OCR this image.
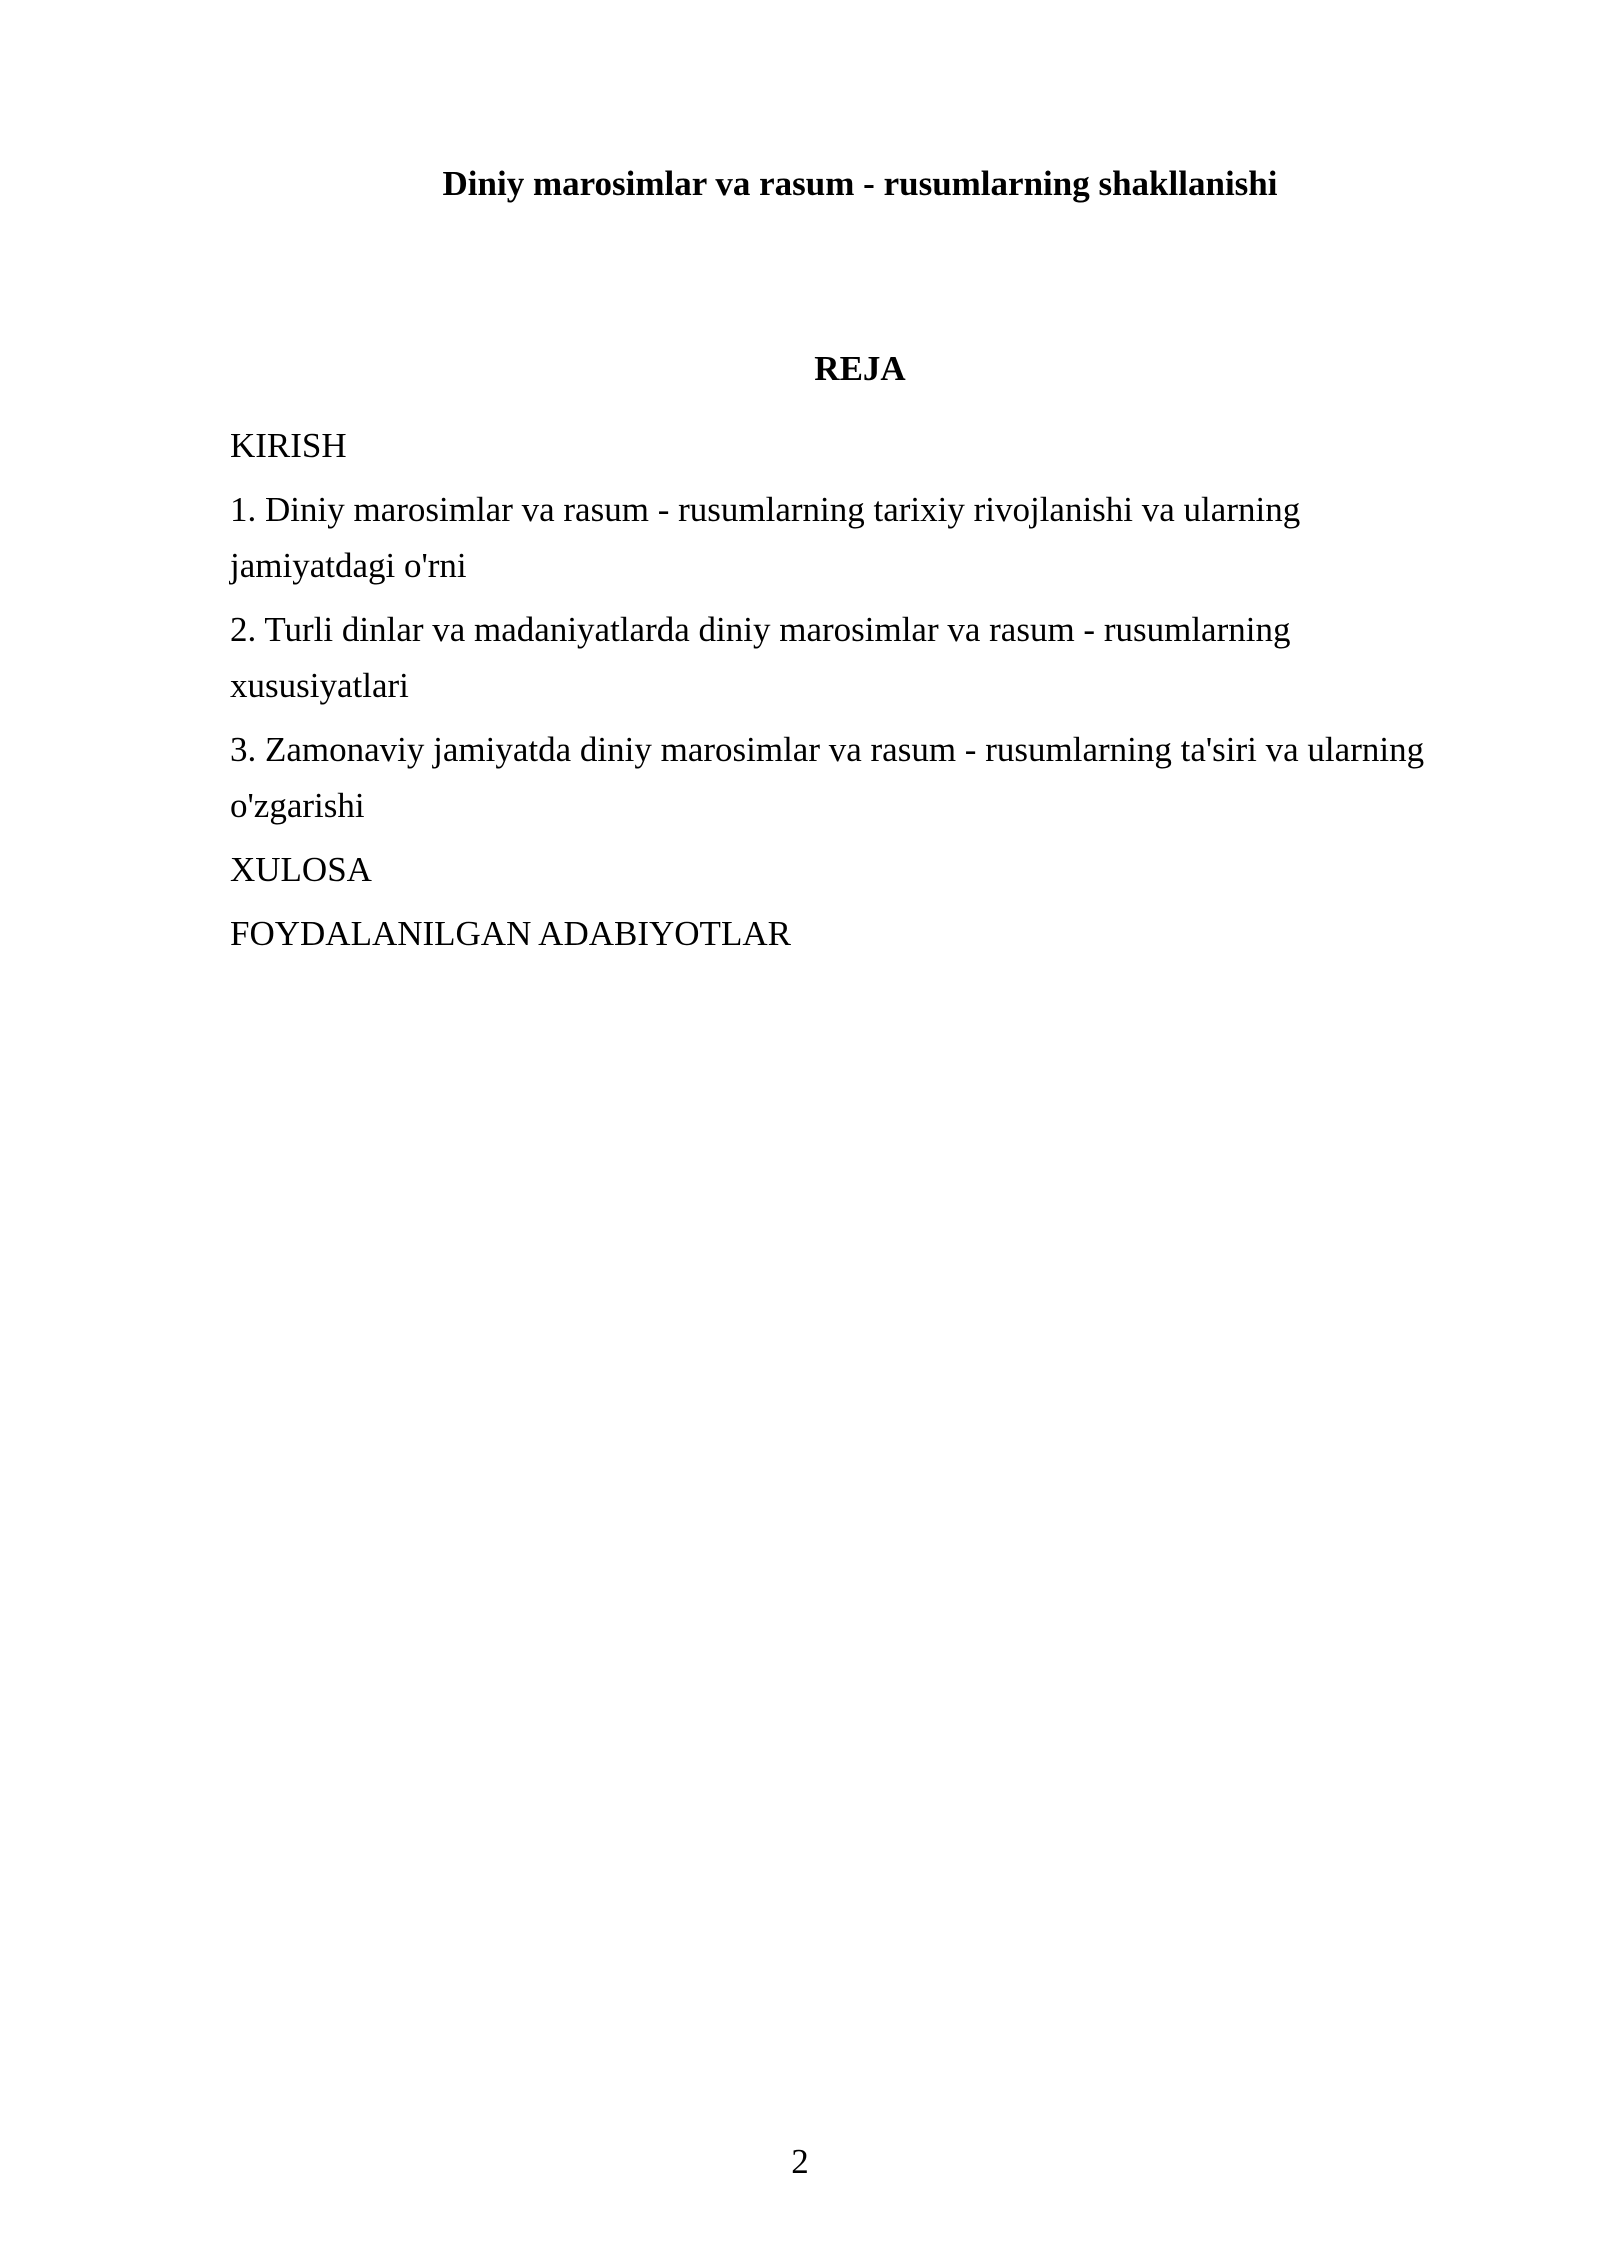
Diniy marosimlar va rasum - rusumlarning shakllanishi
REJA
KIRISH
1. Diniy marosimlar va rasum - rusumlarning tarixiy rivojlanishi va ularning jamiyatdagi o'rni
2. Turli dinlar va madaniyatlarda diniy marosimlar va rasum - rusumlarning xususiyatlari
3. Zamonaviy jamiyatda diniy marosimlar va rasum - rusumlarning ta'siri va ularning o'zgarishi
XULOSA
FOYDALANILGAN ADABIYOTLAR
2
